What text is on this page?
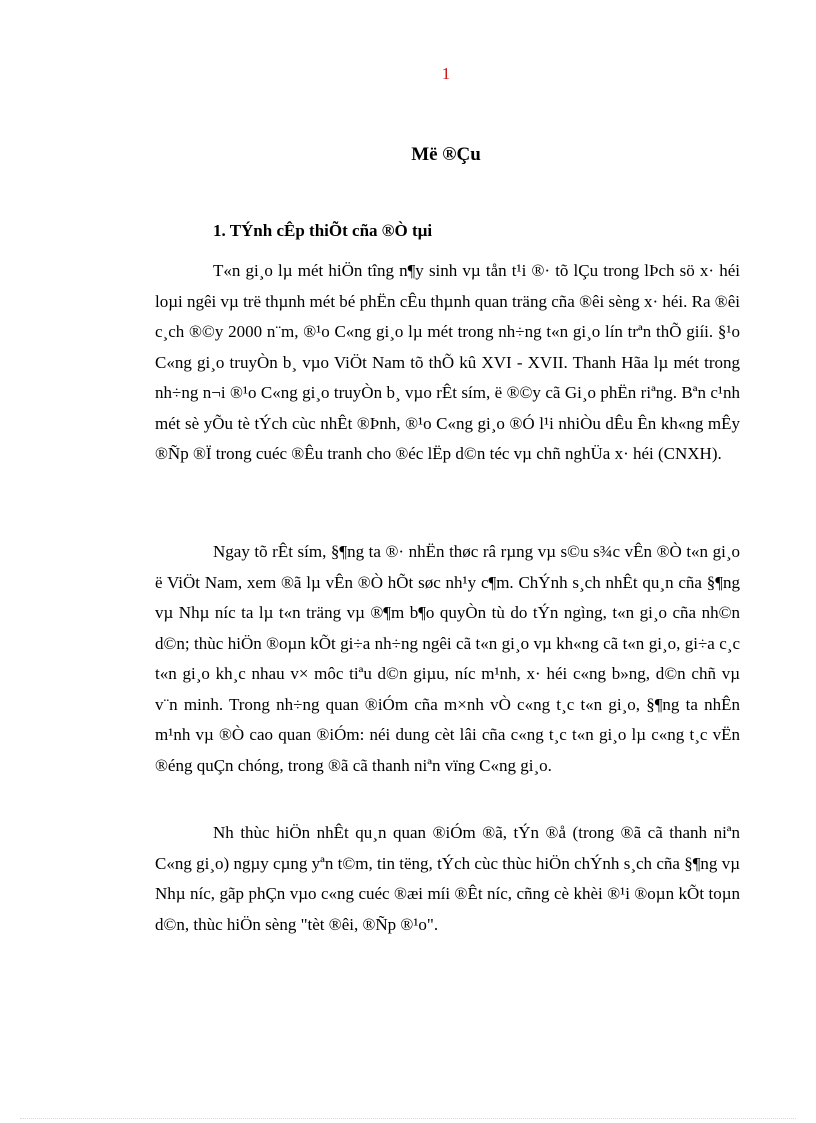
1
Më ®Çu
1. TÝnh cÊp thiÕt cña ®Ò tµi

T«n gi¸o lµ mét hiÖn tîng n¶y sinh vµ tån t¹i ®· tõ lÇu trong lÞch sö x· héi loµi ngêi vµ trë thµnh mét bé phËn cÊu thµnh quan träng cña ®êi sèng x· héi. Ra ®êi c¸ch ®©y 2000 n¨m, ®¹o C«ng gi¸o lµ mét trong nh÷ng t«n gi¸o lín trªn thÕ giíi. §¹o C«ng gi¸o truyÒn b¸ vµo ViÖt Nam tõ thÕ kû XVI - XVII. Thanh Hãa lµ mét trong nh÷ng n¬i ®¹o C«ng gi¸o truyÒn b¸ vµo rÊt sím, ë ®©y cã Gi¸o phËn riªng. Bªn c¹nh mét sè yÕu tè tÝch cùc nhÊt ®Þnh, ®¹o C«ng gi¸o ®Ó l¹i nhiÒu dÊu Ên kh«ng mÊy ®Ñp ®Ï trong cuéc ®Êu tranh cho ®éc lËp d©n téc vµ chñ nghÜa x· héi (CNXH).

Ngay tõ rÊt sím, §¶ng ta ®· nhËn thøc râ rµng vµ s©u s¾c vÊn ®Ò t«n gi¸o ë ViÖt Nam, xem ®ã lµ vÊn ®Ò hÕt søc nh¹y c¶m. ChÝnh s¸ch nhÊt qu¸n cña §¶ng vµ Nhµ níc ta lµ t«n träng vµ ®¶m b¶o quyÒn tù do tÝn ngìng, t«n gi¸o cña nh©n d©n; thùc hiÖn ®oµn kÕt gi÷a nh÷ng ngêi cã t«n gi¸o vµ kh«ng cã t«n gi¸o, gi÷a c¸c t«n gi¸o kh¸c nhau v× môc tiªu d©n giµu, níc m¹nh, x· héi c«ng b»ng, d©n chñ vµ v¨n minh. Trong nh÷ng quan ®iÓm cña m×nh vÒ c«ng t¸c t«n gi¸o, §¶ng ta nhÊn m¹nh vµ ®Ò cao quan ®iÓm: néi dung cèt lâi cña c«ng t¸c t«n gi¸o lµ c«ng t¸c vËn ®éng quÇn chóng, trong ®ã cã thanh niªn vïng C«ng gi¸o.

Nh thùc hiÖn nhÊt qu¸n quan ®iÓm ®ã, tÝn ®å (trong ®ã cã thanh niªn C«ng gi¸o) ngµy cµng yªn t©m, tin tëng, tÝch cùc thùc hiÖn chÝnh s¸ch cña §¶ng vµ Nhµ níc, gãp phÇn vµo c«ng cuéc ®æi míi ®Êt níc, cñng cè khèi ®¹i ®oµn kÕt toµn d©n, thùc hiÖn sèng "tèt ®êi, ®Ñp ®¹o".
